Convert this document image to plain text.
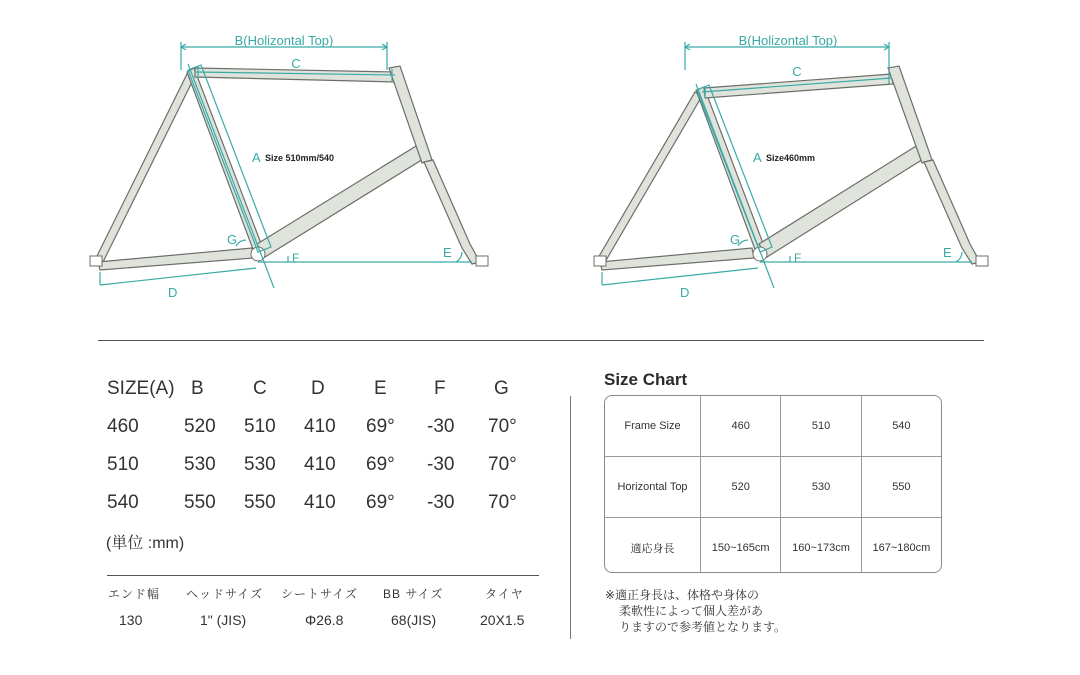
B(Holizontal Top)
C
A Size 510mm/540
G
F	E
D
B(Holizontal Top)
C
A Size460mm
G
F	E
D
SIZE(A) B	C D	E F	G
460 520 510 410 69° -30 70°
510 530 530 410 69° -30 70°
540 550 550 410 69° -30 70°
(単位 :mm)
エンド幅 ヘッドサイズ シートサイズ BB サイズ	タイヤ
130	1" (JIS)	Φ26.8	68(JIS)	20X1.5
Size Chart
Frame Size	460	510	540
Horizontal Top	520	530	550
適応身長	150~165cm	160~173cm	167~180cm
※適正身長は、体格や身体の
柔軟性によって個人差があ
りますので参考値となります。
